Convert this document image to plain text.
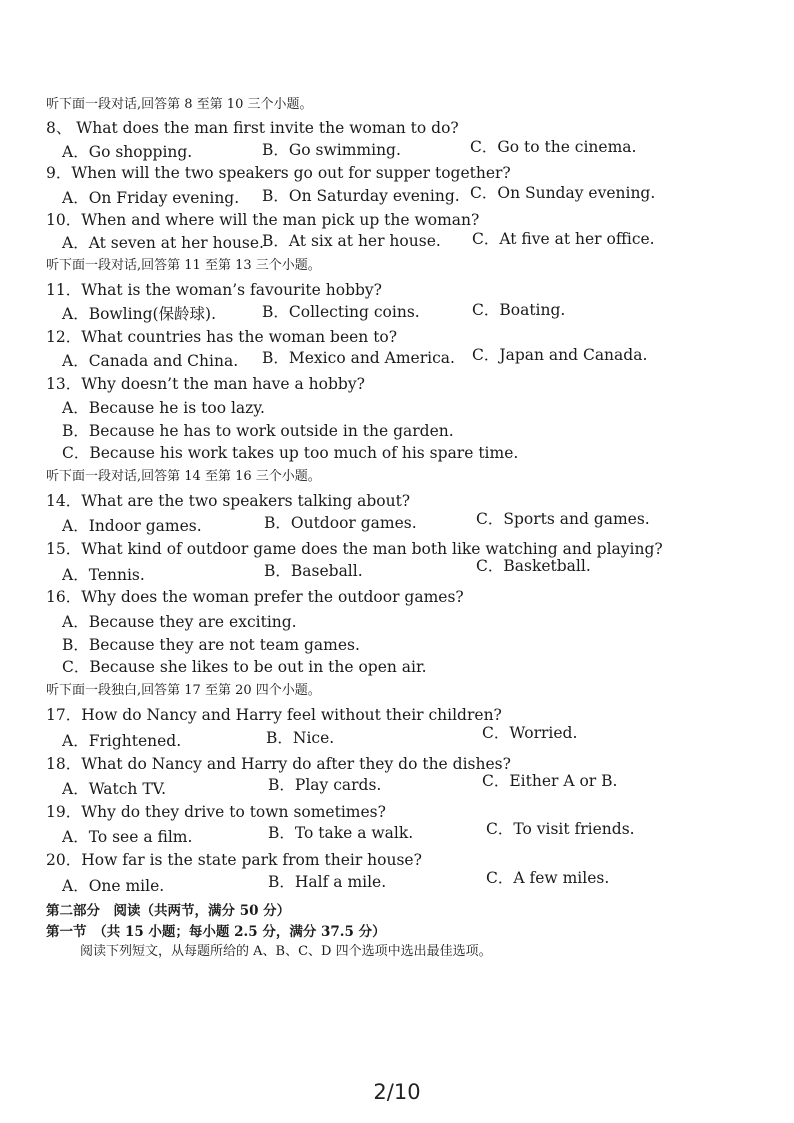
听下面一段对话,回答第 8 至第 10 三个小题。
8、 What does the man first invite the woman to do?
A．Go shopping.	B．Go swimming.	C．Go to the cinema.
9．When will the two speakers go out for supper together?
A．On Friday evening. B．On Saturday evening. C．On Sunday evening.
10．When and where will the man pick up the woman?
A．At seven at her house.
B．At six at her house. C．At five at her office.
听下面一段对话,回答第 11 至第 13 三个小题。
11．What is the woman’s favourite hobby?
A．Bowling(保龄球).	B．Collecting coins.	C．Boating.
12．What countries has the woman been to?
A．Canada and China. B．Mexico and America. C．Japan and Canada.
13．Why doesn’t the man have a hobby?
A．Because he is too lazy.
B．Because he has to work outside in the garden.
C．Because his work takes up too much of his spare time.
听下面一段对话,回答第 14 至第 16 三个小题。
14．What are the two speakers talking about?
A．Indoor games.	B．Outdoor games.	C．Sports and games.
15．What kind of outdoor game does the man both like watching and playing?
A．Tennis.	B．Baseball.	C．Basketball.
16．Why does the woman prefer the outdoor games?
A．Because they are exciting.
B．Because they are not team games.
C．Because she likes to be out in the open air.
听下面一段独白,回答第 17 至第 20 四个小题。
17．How do Nancy and Harry feel without their children?
A．Frightened.	B．Nice.	C．Worried.
18．What do Nancy and Harry do after they do the dishes?
A．Watch TV.	B．Play cards.	C．Either A or B.
19．Why do they drive to town sometimes?
A．To see a film.	B．To take a walk.	C．To visit friends.
20．How far is the state park from their house?
A．One mile.	B．Half a mile.	C．A few miles.
第二部分　阅读（共两节，满分 50 分）
第一节　（共 15 小题；每小题 2.5 分，满分 37.5 分）
阅读下列短文，从每题所给的 A、B、C、D 四个选项中选出最佳选项。
2/10
